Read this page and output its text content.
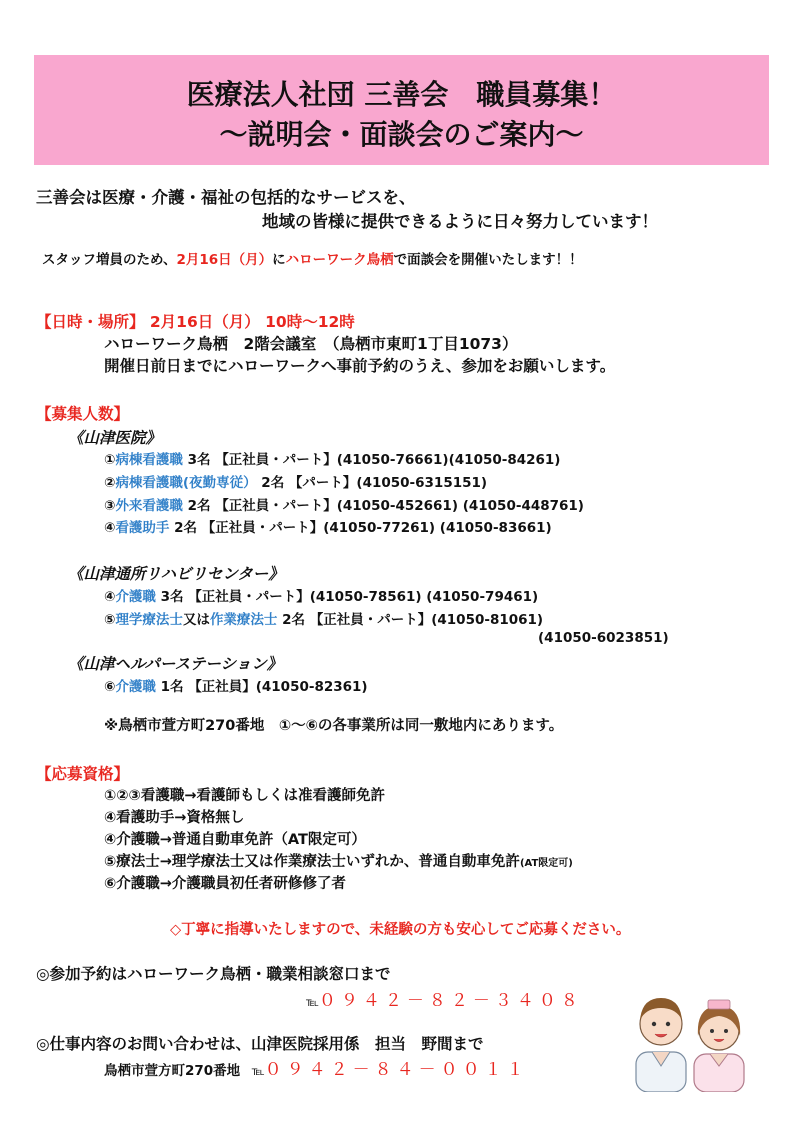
医療法人社団 三善会　職員募集！
～説明会・面談会のご案内～
三善会は医療・介護・福祉の包括的なサービスを、
地域の皆様に提供できるように日々努力しています！
スタッフ増員のため、2月16日（月）にハローワーク鳥栖で面談会を開催いたします！！
【日時・場所】 2月16日（月） 10時～12時
ハローワーク鳥栖　2階会議室　（鳥栖市東町1丁目1073）
開催日前日までにハローワークへ事前予約のうえ、参加をお願いします。
【募集人数】
《山津医院》
①病棟看護職 3名 【正社員・パート】(41050-76661)(41050-84261)
②病棟看護職(夜勤専従） 2名 【パート】(41050-6315151)
③外来看護職 2名 【正社員・パート】(41050-452661) (41050-448761)
④看護助手 2名 【正社員・パート】(41050-77261) (41050-83661)
《山津通所リハビリセンター》
④介護職 3名 【正社員・パート】(41050-78561) (41050-79461)
⑤理学療法士又は作業療法士 2名 【正社員・パート】(41050-81061)
(41050-6023851)
《山津ヘルパーステーション》
⑥介護職 1名 【正社員】(41050-82361)
※鳥栖市萱方町270番地　①～⑥の各事業所は同一敷地内にあります。
【応募資格】
①②③看護職→看護師もしくは准看護師免許
④看護助手→資格無し
④介護職→普通自動車免許（AT限定可）
⑤療法士→理学療法士又は作業療法士いずれか、普通自動車免許(AT限定可)
⑥介護職→介護職員初任者研修修了者
◇丁寧に指導いたしますので、未経験の方も安心してご応募ください。
◎参加予約はハローワーク鳥栖・職業相談窓口まで
℡０９４２－８２－３４０８
◎仕事内容のお問い合わせは、山津医院採用係　担当　野間まで
鳥栖市萱方町270番地 ℡０９４２－８４－００１１
